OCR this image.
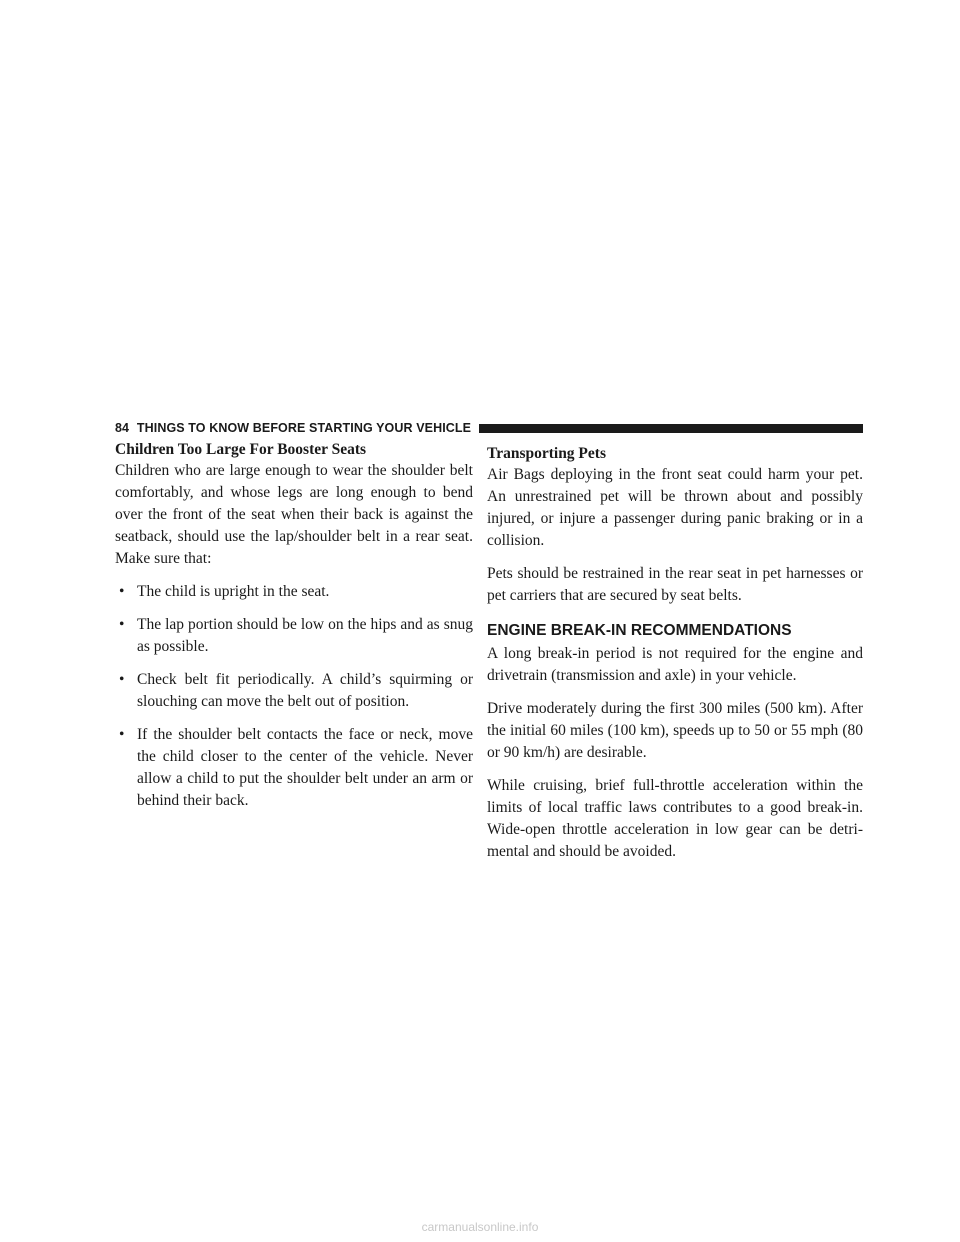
84 THINGS TO KNOW BEFORE STARTING YOUR VEHICLE
Children Too Large For Booster Seats

Children who are large enough to wear the shoulder belt comfortably, and whose legs are long enough to bend over the front of the seat when their back is against the seatback, should use the lap/shoulder belt in a rear seat. Make sure that:

• The child is upright in the seat.
• The lap portion should be low on the hips and as snug as possible.
• Check belt fit periodically. A child’s squirming or slouching can move the belt out of position.
• If the shoulder belt contacts the face or neck, move the child closer to the center of the vehicle. Never allow a child to put the shoulder belt under an arm or behind their back.
Transporting Pets

Air Bags deploying in the front seat could harm your pet. An unrestrained pet will be thrown about and possibly injured, or injure a passenger during panic braking or in a collision.

Pets should be restrained in the rear seat in pet harnesses or pet carriers that are secured by seat belts.

ENGINE BREAK-IN RECOMMENDATIONS

A long break-in period is not required for the engine and drivetrain (transmission and axle) in your vehicle.

Drive moderately during the first 300 miles (500 km). After the initial 60 miles (100 km), speeds up to 50 or 55 mph (80 or 90 km/h) are desirable.

While cruising, brief full-throttle acceleration within the limits of local traffic laws contributes to a good break-in. Wide-open throttle acceleration in low gear can be detri-mental and should be avoided.

carmanualsonline.info
